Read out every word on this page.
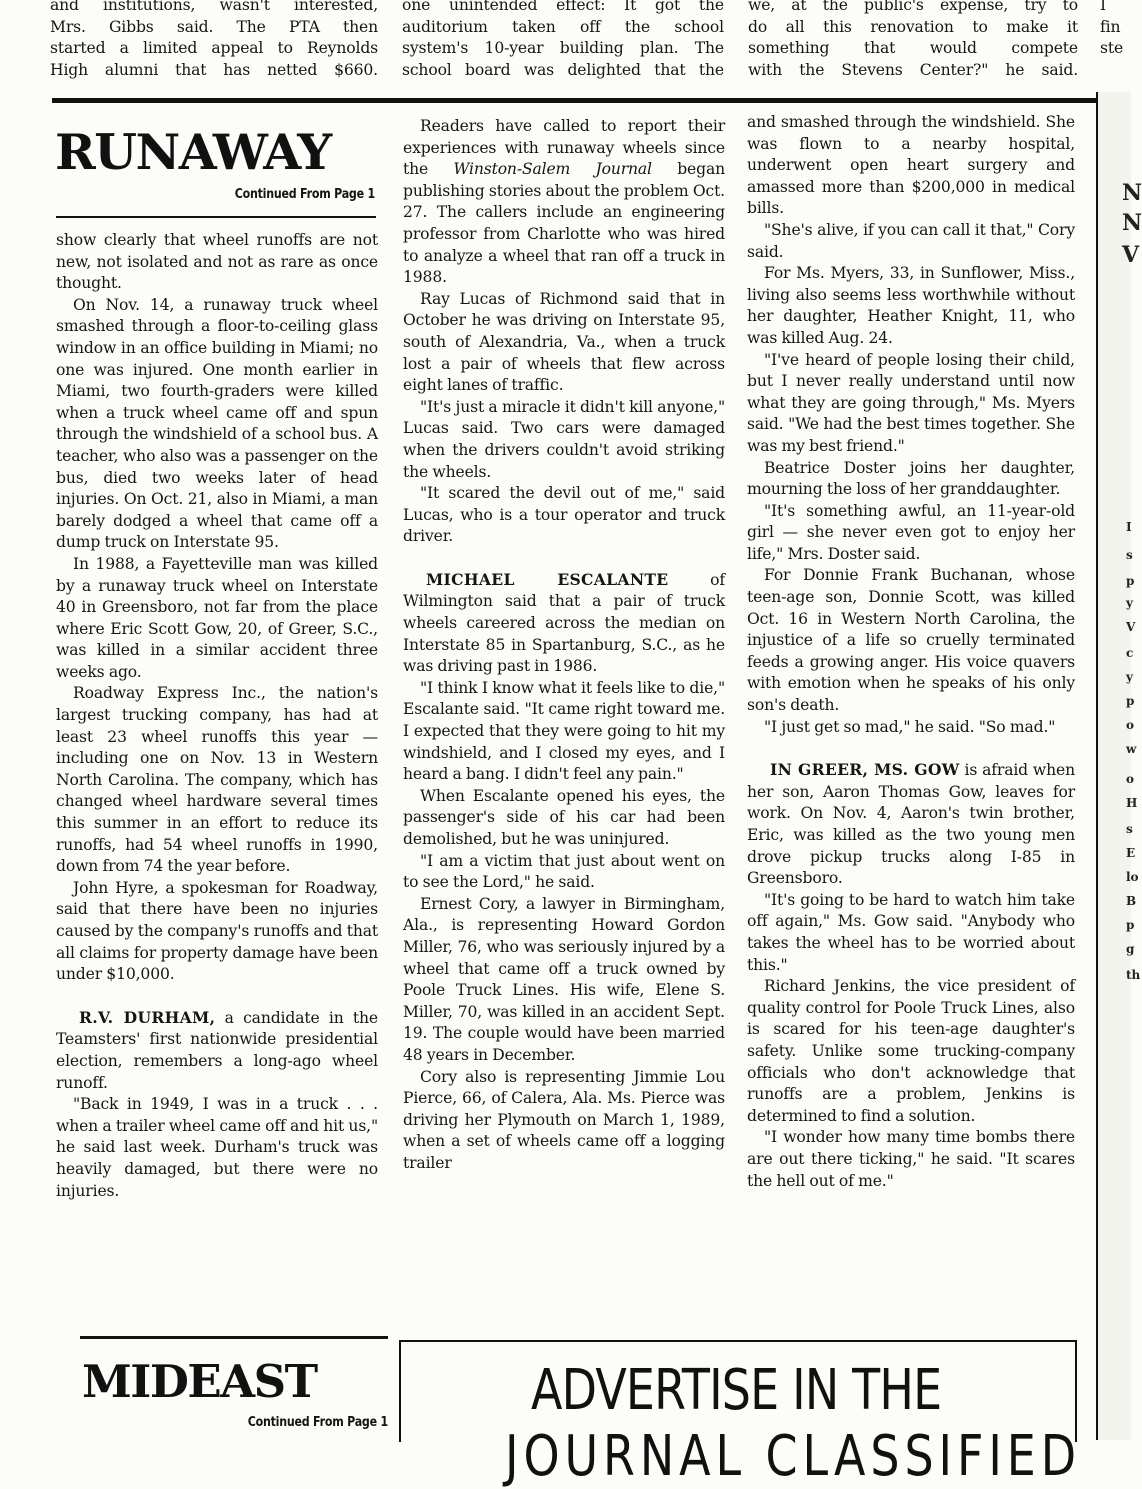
and institutions, wasn't interested,

Mrs. Gibbs said. The PTA then

started a limited appeal to Reynolds

High alumni that has netted $660.

one unintended effect: It got the

auditorium taken off the school

system's 10-year building plan. The

school board was delighted that the

we, at the public's expense, try to

do all this renovation to make it

something that would compete

with the Stevens Center?" he said.

I

fin

ste

RUNAWAY
Continued From Page 1

show clearly that wheel runoffs are not new, not isolated and not as rare as once thought.

On Nov. 14, a runaway truck wheel smashed through a floor-to-ceiling glass window in an office building in Miami; no one was injured. One month earlier in Miami, two fourth-graders were killed when a truck wheel came off and spun through the windshield of a school bus. A teacher, who also was a passenger on the bus, died two weeks later of head injuries. On Oct. 21, also in Miami, a man barely dodged a wheel that came off a dump truck on Interstate 95.

In 1988, a Fayetteville man was killed by a runaway truck wheel on Interstate 40 in Greensboro, not far from the place where Eric Scott Gow, 20, of Greer, S.C., was killed in a similar accident three weeks ago.

Roadway Express Inc., the nation's largest trucking company, has had at least 23 wheel runoffs this year — including one on Nov. 13 in Western North Carolina. The company, which has changed wheel hardware several times this summer in an effort to reduce its runoffs, had 54 wheel runoffs in 1990, down from 74 the year before.

John Hyre, a spokesman for Roadway, said that there have been no injuries caused by the company's runoffs and that all claims for property damage have been under $10,000.

R.V. DURHAM, a candidate in the Teamsters' first nationwide presidential election, remembers a long-ago wheel runoff.

"Back in 1949, I was in a truck . . . when a trailer wheel came off and hit us," he said last week. Durham's truck was heavily damaged, but there were no injuries.

Readers have called to report their experiences with runaway wheels since the Winston-Salem Journal began publishing stories about the problem Oct. 27. The callers include an engineering professor from Charlotte who was hired to analyze a wheel that ran off a truck in 1988.

Ray Lucas of Richmond said that in October he was driving on Interstate 95, south of Alexandria, Va., when a truck lost a pair of wheels that flew across eight lanes of traffic.

"It's just a miracle it didn't kill anyone," Lucas said. Two cars were damaged when the drivers couldn't avoid striking the wheels.

"It scared the devil out of me," said Lucas, who is a tour operator and truck driver.

MICHAEL ESCALANTE of Wilmington said that a pair of truck wheels careered across the median on Interstate 85 in Spartanburg, S.C., as he was driving past in 1986.

"I think I know what it feels like to die," Escalante said. "It came right toward me. I expected that they were going to hit my windshield, and I closed my eyes, and I heard a bang. I didn't feel any pain."

When Escalante opened his eyes, the passenger's side of his car had been demolished, but he was uninjured.

"I am a victim that just about went on to see the Lord," he said.

Ernest Cory, a lawyer in Birmingham, Ala., is representing Howard Gordon Miller, 76, who was seriously injured by a wheel that came off a truck owned by Poole Truck Lines. His wife, Elene S. Miller, 70, was killed in an accident Sept. 19. The couple would have been married 48 years in December.

Cory also is representing Jimmie Lou Pierce, 66, of Calera, Ala. Ms. Pierce was driving her Plymouth on March 1, 1989, when a set of wheels came off a logging trailer

and smashed through the windshield. She was flown to a nearby hospital, underwent open heart surgery and amassed more than $200,000 in medical bills.

"She's alive, if you can call it that," Cory said.

For Ms. Myers, 33, in Sunflower, Miss., living also seems less worthwhile without her daughter, Heather Knight, 11, who was killed Aug. 24.

"I've heard of people losing their child, but I never really understand until now what they are going through," Ms. Myers said. "We had the best times together. She was my best friend."

Beatrice Doster joins her daughter, mourning the loss of her granddaughter.

"It's something awful, an 11-year-old girl — she never even got to enjoy her life," Mrs. Doster said.

For Donnie Frank Buchanan, whose teen-age son, Donnie Scott, was killed Oct. 16 in Western North Carolina, the injustice of a life so cruelly terminated feeds a growing anger. His voice quavers with emotion when he speaks of his only son's death.

"I just get so mad," he said. "So mad."

IN GREER, MS. GOW is afraid when her son, Aaron Thomas Gow, leaves for work. On Nov. 4, Aaron's twin brother, Eric, was killed as the two young men drove pickup trucks along I-85 in Greensboro.

"It's going to be hard to watch him take off again," Ms. Gow said. "Anybody who takes the wheel has to be worried about this."

Richard Jenkins, the vice president of quality control for Poole Truck Lines, also is scared for his teen-age daughter's safety. Unlike some trucking-company officials who don't acknowledge that runoffs are a problem, Jenkins is determined to find a solution.

"I wonder how many time bombs there are out there ticking," he said. "It scares the hell out of me."

N
N
V
I
s
p
y
V
c
y
p
o
w
o
H
s
E
lo
B
p
g
th
MIDEAST
Continued From Page 1	ADVERTISE IN THE
JOURNAL CLASSIFIED
